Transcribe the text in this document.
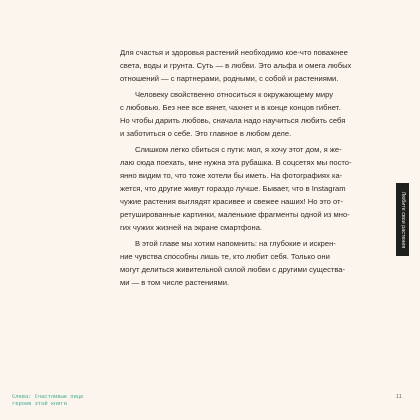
Для счастья и здоровья растений необходимо кое-что поважнее
света, воды и грунта. Суть — в любви. Это альфа и омега любых
отношений — с партнерами, родными, с собой и растениями.

Человеку свойственно относиться к окружающему миру
с любовью. Без нее все вянет, чахнет и в конце концов гибнет.
Но чтобы дарить любовь, сначала надо научиться любить себя
и заботиться о себе. Это главное в любом деле.

Слишком легко сбиться с пути: мол, я хочу этот дом, я же-
лаю сюда поехать, мне нужна эта рубашка. В соцсетях мы посто-
янно видим то, что тоже хотели бы иметь. На фотографиях ка-
жется, что другие живут гораздо лучше. Бывает, что в Instagram
чужие растения выглядят красивее и свежее наших! Но это от-
ретушированные картинки, маленькие фрагменты одной из мно-
гих чужих жизней на экране смартфона.

В этой главе мы хотим напомнить: на глубокие и искрен-
ние чувства способны лишь те, кто любит себя. Только они
могут делиться живительной силой любви с другими существа-
ми — в том числе растениями.

Любите свои растения
Слева: Счастливые лица
героев этой книги
11
